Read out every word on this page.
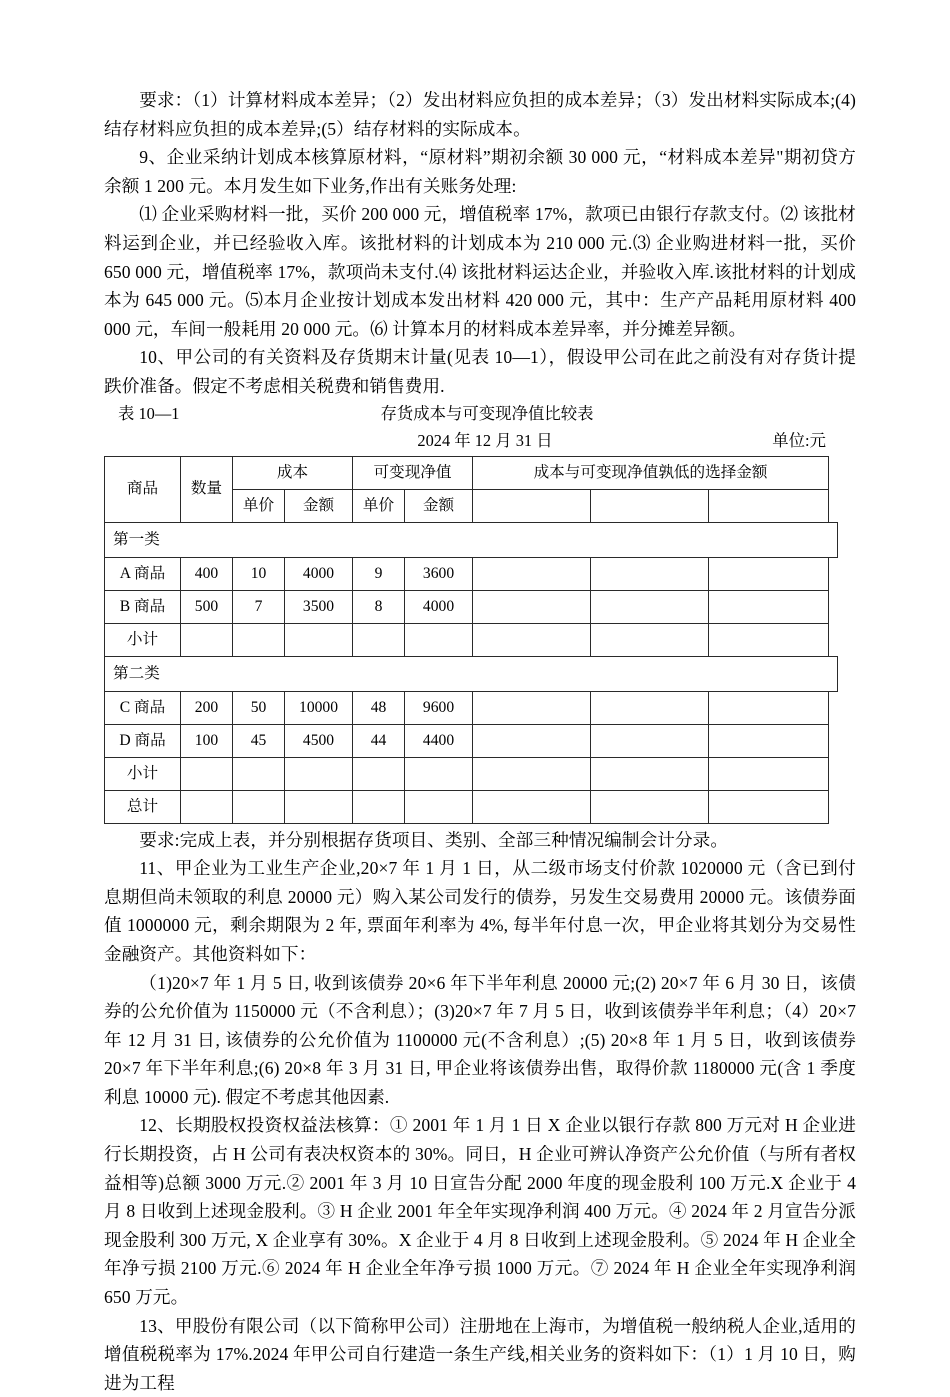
要求：（1）计算材料成本差异；（2）发出材料应负担的成本差异；（3）发出材料实际成本;(4) 结存材料应负担的成本差异;(5）结存材料的实际成本。

9、企业采纳计划成本核算原材料，“原材料”期初余额 30 000 元，“材料成本差异"期初贷方余额 1 200 元。本月发生如下业务,作出有关账务处理:

⑴ 企业采购材料一批，买价 200 000 元，增值税率 17%，款项已由银行存款支付。⑵ 该批材料运到企业，并已经验收入库。该批材料的计划成本为 210 000 元.⑶ 企业购进材料一批，买价 650 000 元，增值税率 17%，款项尚未支付.⑷ 该批材料运达企业，并验收入库.该批材料的计划成本为 645 000 元。⑸本月企业按计划成本发出材料 420 000 元，其中：生产产品耗用原材料 400 000 元，车间一般耗用 20 000 元。⑹ 计算本月的材料成本差异率，并分摊差异额。

10、甲公司的有关资料及存货期末计量(见表 10—1），假设甲公司在此之前没有对存货计提跌价准备。假定不考虑相关税费和销售费用.

表 10—1	存货成本与可变现净值比较表
2024 年 12 月 31 日	单位:元
商品	数量	成本		可变现净值		成本与可变现净值孰低的选择金额		
		单价	金额	单价	金额			
第一类								
A 商品	400	10	4000	9	3600			
B 商品	500	7	3500	8	4000			
小计								
第二类								
C 商品	200	50	10000	48	9600			
D 商品	100	45	4500	44	4400			
小计								
总计								

要求:完成上表，并分别根据存货项目、类别、全部三种情况编制会计分录。

11、甲企业为工业生产企业,20×7 年 1 月 1 日，从二级市场支付价款 1020000 元（含已到付息期但尚未领取的利息 20000 元）购入某公司发行的债券，另发生交易费用 20000 元。该债券面值 1000000 元，剩余期限为 2 年, 票面年利率为 4%, 每半年付息一次，甲企业将其划分为交易性金融资产。其他资料如下：

（1)20×7 年 1 月 5 日, 收到该债券 20×6 年下半年利息 20000 元;(2) 20×7 年 6 月 30 日，该债券的公允价值为 1150000 元（不含利息）；(3)20×7 年 7 月 5 日，收到该债券半年利息；（4）20×7 年 12 月 31 日, 该债券的公允价值为 1100000 元(不含利息）;(5) 20×8 年 1 月 5 日，收到该债券 20×7 年下半年利息;(6) 20×8 年 3 月 31 日, 甲企业将该债券出售，取得价款 1180000 元(含 1 季度利息 10000 元). 假定不考虑其他因素.

12、长期股权投资权益法核算：① 2001 年 1 月 1 日 X 企业以银行存款 800 万元对 H 企业进行长期投资，占 H 公司有表决权资本的 30%。同日，H 企业可辨认净资产公允价值（与所有者权益相等)总额 3000 万元.② 2001 年 3 月 10 日宣告分配 2000 年度的现金股利 100 万元.X 企业于 4 月 8 日收到上述现金股利。③ H 企业 2001 年全年实现净利润 400 万元。④ 2024 年 2 月宣告分派现金股利 300 万元, X 企业享有 30%。X 企业于 4 月 8 日收到上述现金股利。⑤ 2024 年 H 企业全年净亏损 2100 万元.⑥ 2024 年 H 企业全年净亏损 1000 万元。⑦ 2024 年 H 企业全年实现净利润 650 万元。

13、甲股份有限公司（以下简称甲公司）注册地在上海市，为增值税一般纳税人企业,适用的增值税税率为 17%.2024 年甲公司自行建造一条生产线,相关业务的资料如下：（1）1 月 10 日，购进为工程
